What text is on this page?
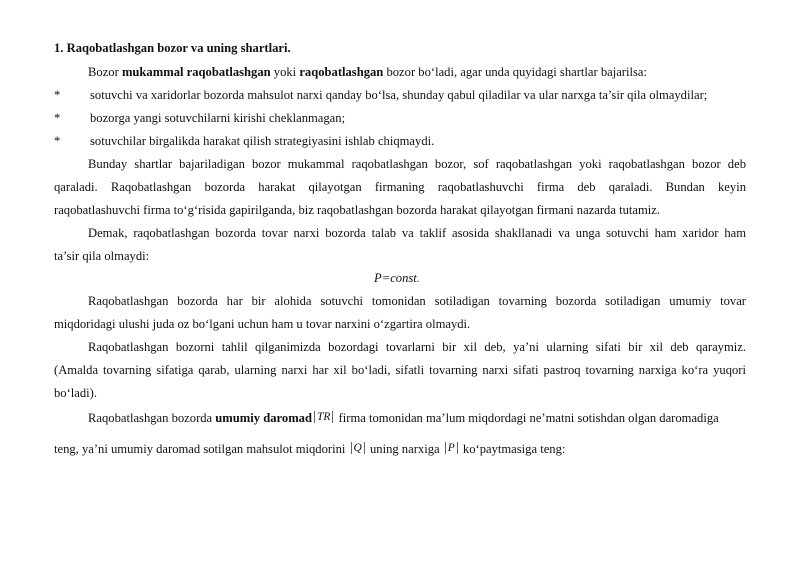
1. Raqobatlashgan bozor va uning shartlari.
Bozor mukammal raqobatlashgan yoki raqobatlashgan bozor bo‘ladi, agar unda quyidagi shartlar bajarilsa:
* sotuvchi va xaridorlar bozorda mahsulot narxi qanday bo‘lsa, shunday qabul qiladilar va ular narxga ta’sir qila olmaydilar;
* bozorga yangi sotuvchilarni kirishi cheklanmagan;
* sotuvchilar birgalikda harakat qilish strategiyasini ishlab chiqmaydi.
Bunday shartlar bajariladigan bozor mukammal raqobatlashgan bozor, sof raqobatlashgan yoki raqobatlashgan bozor deb
qaraladi. Raqobatlashgan bozorda harakat qilayotgan firmaning raqobatlashuvchi firma deb qaraladi. Bundan keyin
raqobatlashuvchi firma to‘g‘risida gapirilganda, biz raqobatlashgan bozorda harakat qilayotgan firmani nazarda tutamiz.
Demak, raqobatlashgan bozorda tovar narxi bozorda talab va taklif asosida shakllanadi va unga sotuvchi ham xaridor ham
ta’sir qila olmaydi:
P=const.
Raqobatlashgan bozorda har bir alohida sotuvchi tomonidan sotiladigan tovarning bozorda sotiladigan umumiy tovar
miqdoridagi ulushi juda oz bo‘lgani uchun ham u tovar narxini o‘zgartira olmaydi.
Raqobatlashgan bozorni tahlil qilganimizda bozordagi tovarlarni bir xil deb, ya’ni ularning sifati bir xil deb qaraymiz.
(Amalda tovarning sifatiga qarab, ularning narxi har xil bo‘ladi, sifatli tovarning narxi sifati pastroq tovarning narxiga ko‘ra yuqori
bo‘ladi).
Raqobatlashgan bozorda umumiy daromad TR firma tomonidan ma’lum miqdordagi ne’matni sotishdan olgan daromadiga
teng, ya’ni umumiy daromad sotilgan mahsulot miqdorini Q uning narxiga P ko‘paytmasiga teng:
